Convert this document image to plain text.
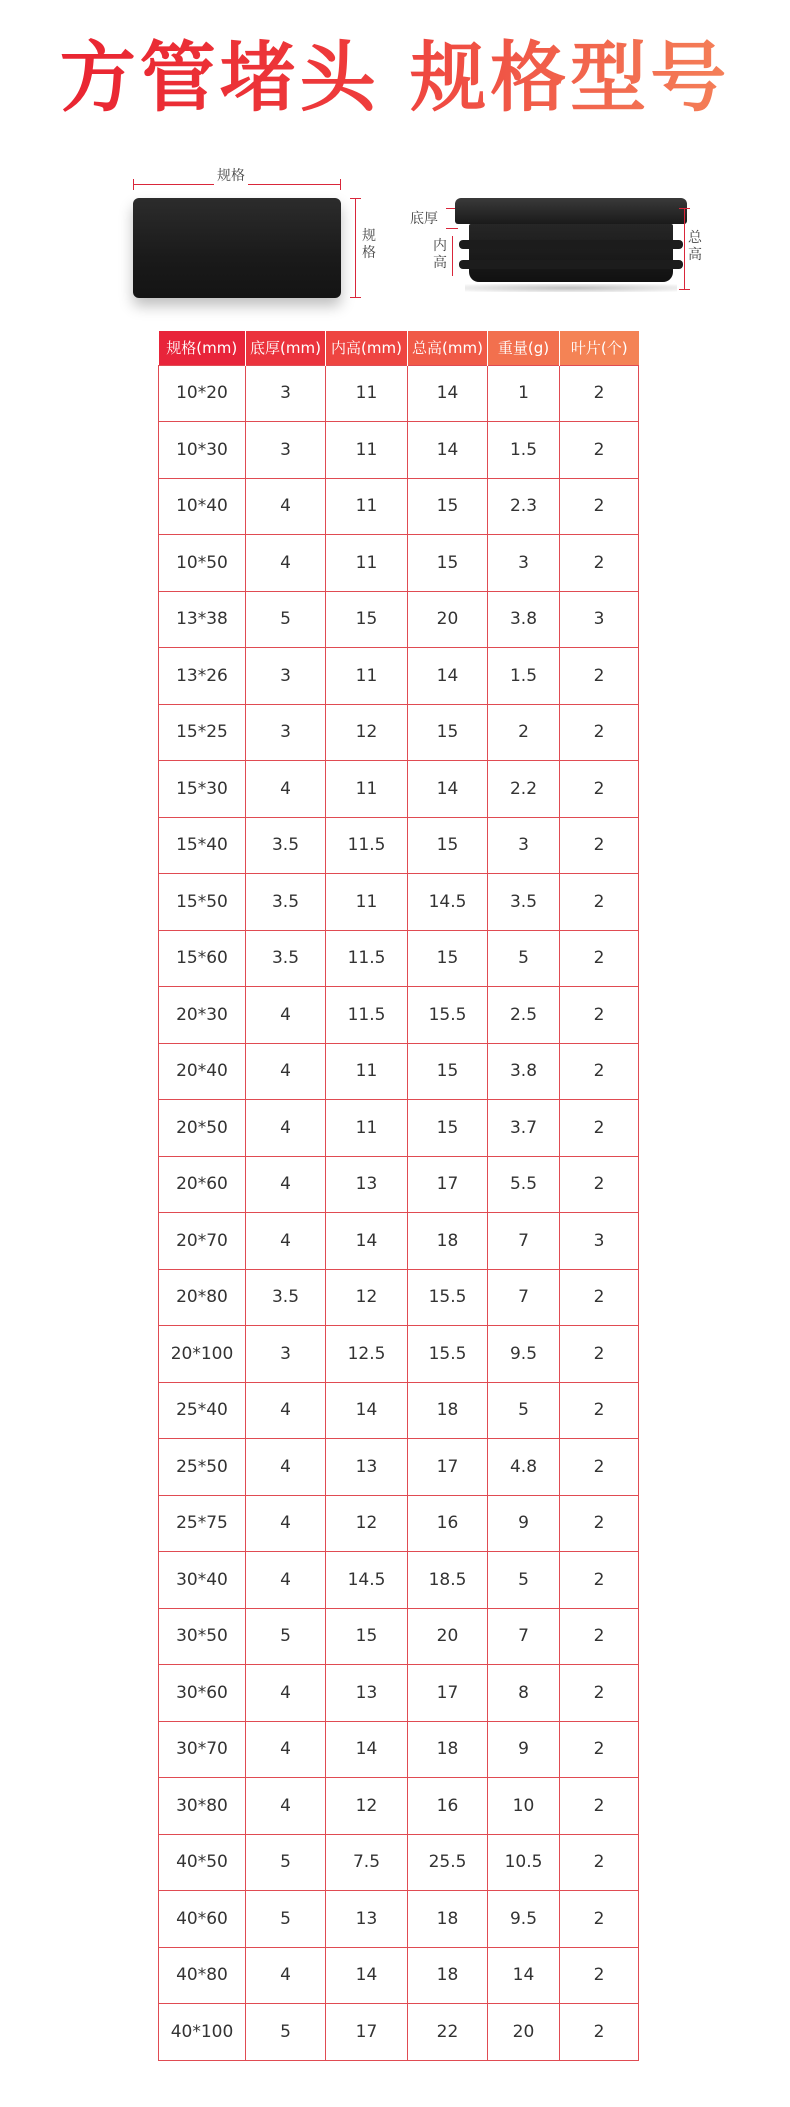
方管堵头 规格型号
规格
规格
底厚
内高
总高
规格(mm)	底厚(mm)	内高(mm)	总高(mm)	重量(g)	叶片(个)
10*20	3	11	14	1	2
10*30	3	11	14	1.5	2
10*40	4	11	15	2.3	2
10*50	4	11	15	3	2
13*38	5	15	20	3.8	3
13*26	3	11	14	1.5	2
15*25	3	12	15	2	2
15*30	4	11	14	2.2	2
15*40	3.5	11.5	15	3	2
15*50	3.5	11	14.5	3.5	2
15*60	3.5	11.5	15	5	2
20*30	4	11.5	15.5	2.5	2
20*40	4	11	15	3.8	2
20*50	4	11	15	3.7	2
20*60	4	13	17	5.5	2
20*70	4	14	18	7	3
20*80	3.5	12	15.5	7	2
20*100	3	12.5	15.5	9.5	2
25*40	4	14	18	5	2
25*50	4	13	17	4.8	2
25*75	4	12	16	9	2
30*40	4	14.5	18.5	5	2
30*50	5	15	20	7	2
30*60	4	13	17	8	2
30*70	4	14	18	9	2
30*80	4	12	16	10	2
40*50	5	7.5	25.5	10.5	2
40*60	5	13	18	9.5	2
40*80	4	14	18	14	2
40*100	5	17	22	20	2
